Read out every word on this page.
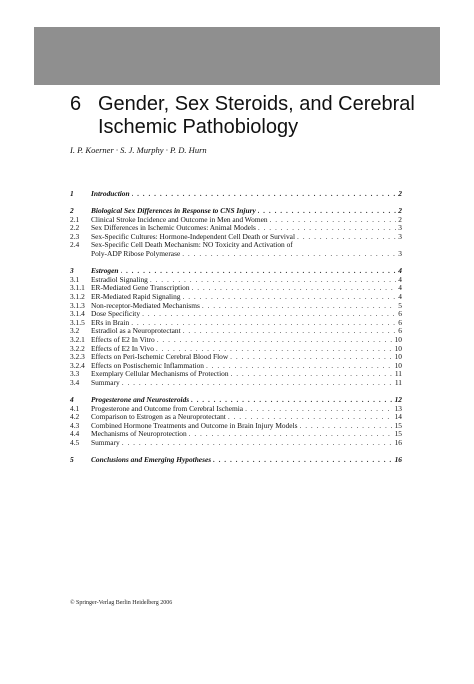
6 Gender, Sex Steroids, and Cerebral Ischemic Pathobiology
I. P. Koerner · S. J. Murphy · P. D. Hurn
1 Introduction . . .	2
2 Biological Sex Differences in Response to CNS Injury . . .	2
2.1 Clinical Stroke Incidence and Outcome in Men and Women . . .	2
2.2 Sex Differences in Ischemic Outcomes: Animal Models . . .	3
2.3 Sex-Specific Cultures: Hormone-Independent Cell Death or Survival . . .	3
2.4 Sex-Specific Cell Death Mechanism: NO Toxicity and Activation of
Poly-ADP Ribose Polymerase . . .	3
3 Estrogen . . .	4
3.1 Estradiol Signaling . . .	4
3.1.1 ER-Mediated Gene Transcription . . .	4
3.1.2 ER-Mediated Rapid Signaling . . .	4
3.1.3 Non-receptor-Mediated Mechanisms . . .	5
3.1.4 Dose Specificity . . .	6
3.1.5 ERs in Brain . . .	6
3.2 Estradiol as a Neuroprotectant . . .	6
3.2.1 Effects of E2 In Vitro . . .	10
3.2.2 Effects of E2 In Vivo . . .	10
3.2.3 Effects on Peri-Ischemic Cerebral Blood Flow . . .	10
3.2.4 Effects on Postischemic Inflammation . . .	10
3.3 Exemplary Cellular Mechanisms of Protection . . .	11
3.4 Summary . . .	11
4 Progesterone and Neurosteroids . . .	12
4.1 Progesterone and Outcome from Cerebral Ischemia . . .	13
4.2 Comparison to Estrogen as a Neuroprotectant . . .	14
4.3 Combined Hormone Treatments and Outcome in Brain Injury Models . . .	15
4.4 Mechanisms of Neuroprotection . . .	15
4.5 Summary . . .	16
5 Conclusions and Emerging Hypotheses . . .	16
© Springer-Verlag Berlin Heidelberg 2006
